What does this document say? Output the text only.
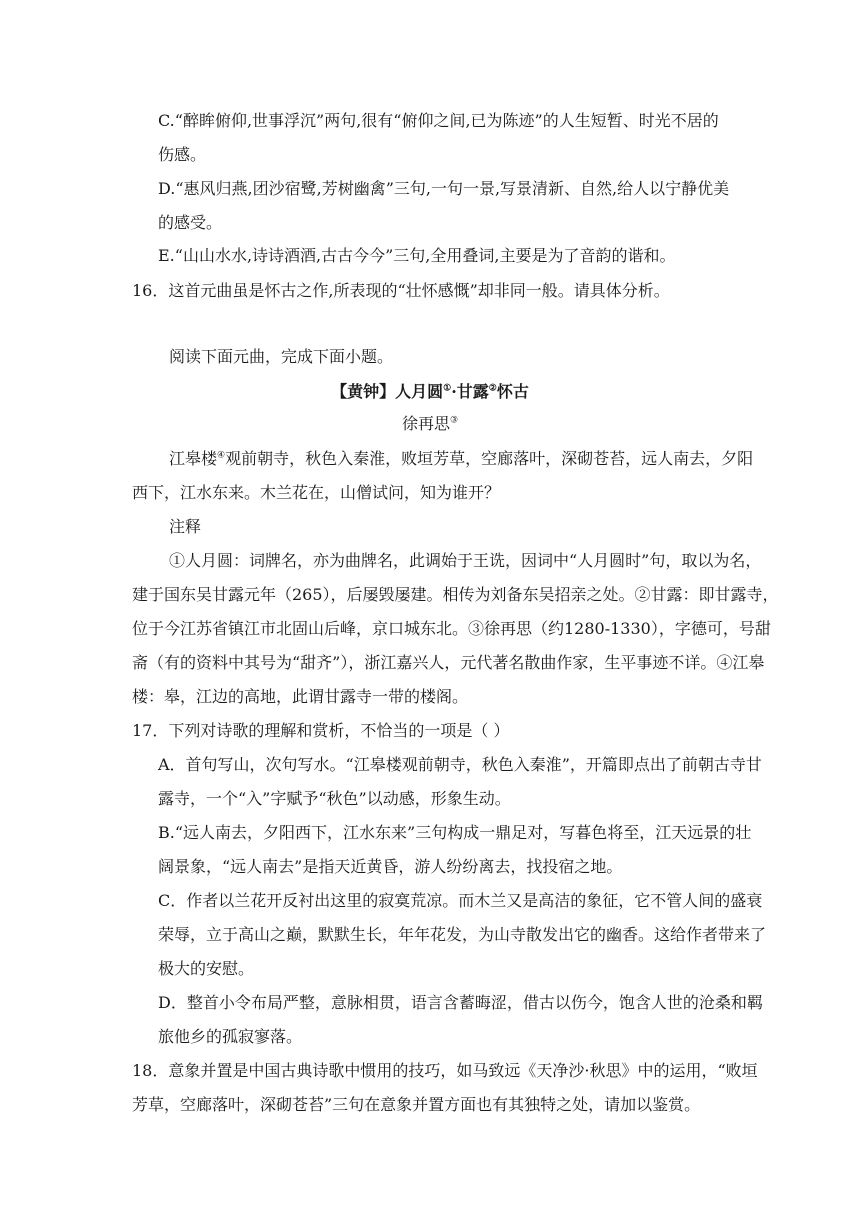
C.“醉眸俯仰,世事浮沉”两句,很有“俯仰之间,已为陈迹”的人生短暂、时光不居的
伤感。
D.“惠风归燕,团沙宿鹭,芳树幽禽”三句,一句一景,写景清新、自然,给人以宁静优美
的感受。
E.“山山水水,诗诗酒酒,古古今今”三句,全用叠词,主要是为了音韵的谐和。
16．这首元曲虽是怀古之作,所表现的“壮怀感慨”却非同一般。请具体分析。
阅读下面元曲，完成下面小题。
【黄钟】人月圆①·甘露②怀古
徐再思③
江皋楼④观前朝寺，秋色入秦淮，败垣芳草，空廊落叶，深砌苍苔，远人南去，夕阳
西下，江水东来。木兰花在，山僧试问，知为谁开？
注释
①人月圆：词牌名，亦为曲牌名，此调始于王诜，因词中“人月圆时”句，取以为名，
建于国东吴甘露元年（265），后屡毁屡建。相传为刘备东吴招亲之处。②甘露：即甘露寺，
位于今江苏省镇江市北固山后峰，京口城东北。③徐再思（约1280-1330），字德可，号甜
斋（有的资料中其号为“甜齐”），浙江嘉兴人，元代著名散曲作家，生平事迹不详。④江皋
楼：皋，江边的高地，此谓甘露寺一带的楼阁。
17．下列对诗歌的理解和赏析，不恰当的一项是（ ）
A．首句写山，次句写水。“江皋楼观前朝寺，秋色入秦淮”，开篇即点出了前朝古寺甘
露寺，一个“入”字赋予“秋色”以动感，形象生动。
B.“远人南去，夕阳西下，江水东来”三句构成一鼎足对，写暮色将至，江天远景的壮
阔景象，“远人南去”是指天近黄昏，游人纷纷离去，找投宿之地。
C．作者以兰花开反衬出这里的寂寞荒凉。而木兰又是高洁的象征，它不管人间的盛衰
荣辱，立于高山之巅，默默生长，年年花发，为山寺散发出它的幽香。这给作者带来了
极大的安慰。
D．整首小令布局严整，意脉相贯，语言含蓄晦涩，借古以伤今，饱含人世的沧桑和羁
旅他乡的孤寂寥落。
18．意象并置是中国古典诗歌中惯用的技巧，如马致远《天净沙·秋思》中的运用，“败垣
芳草，空廊落叶，深砌苍苔”三句在意象并置方面也有其独特之处，请加以鉴赏。
